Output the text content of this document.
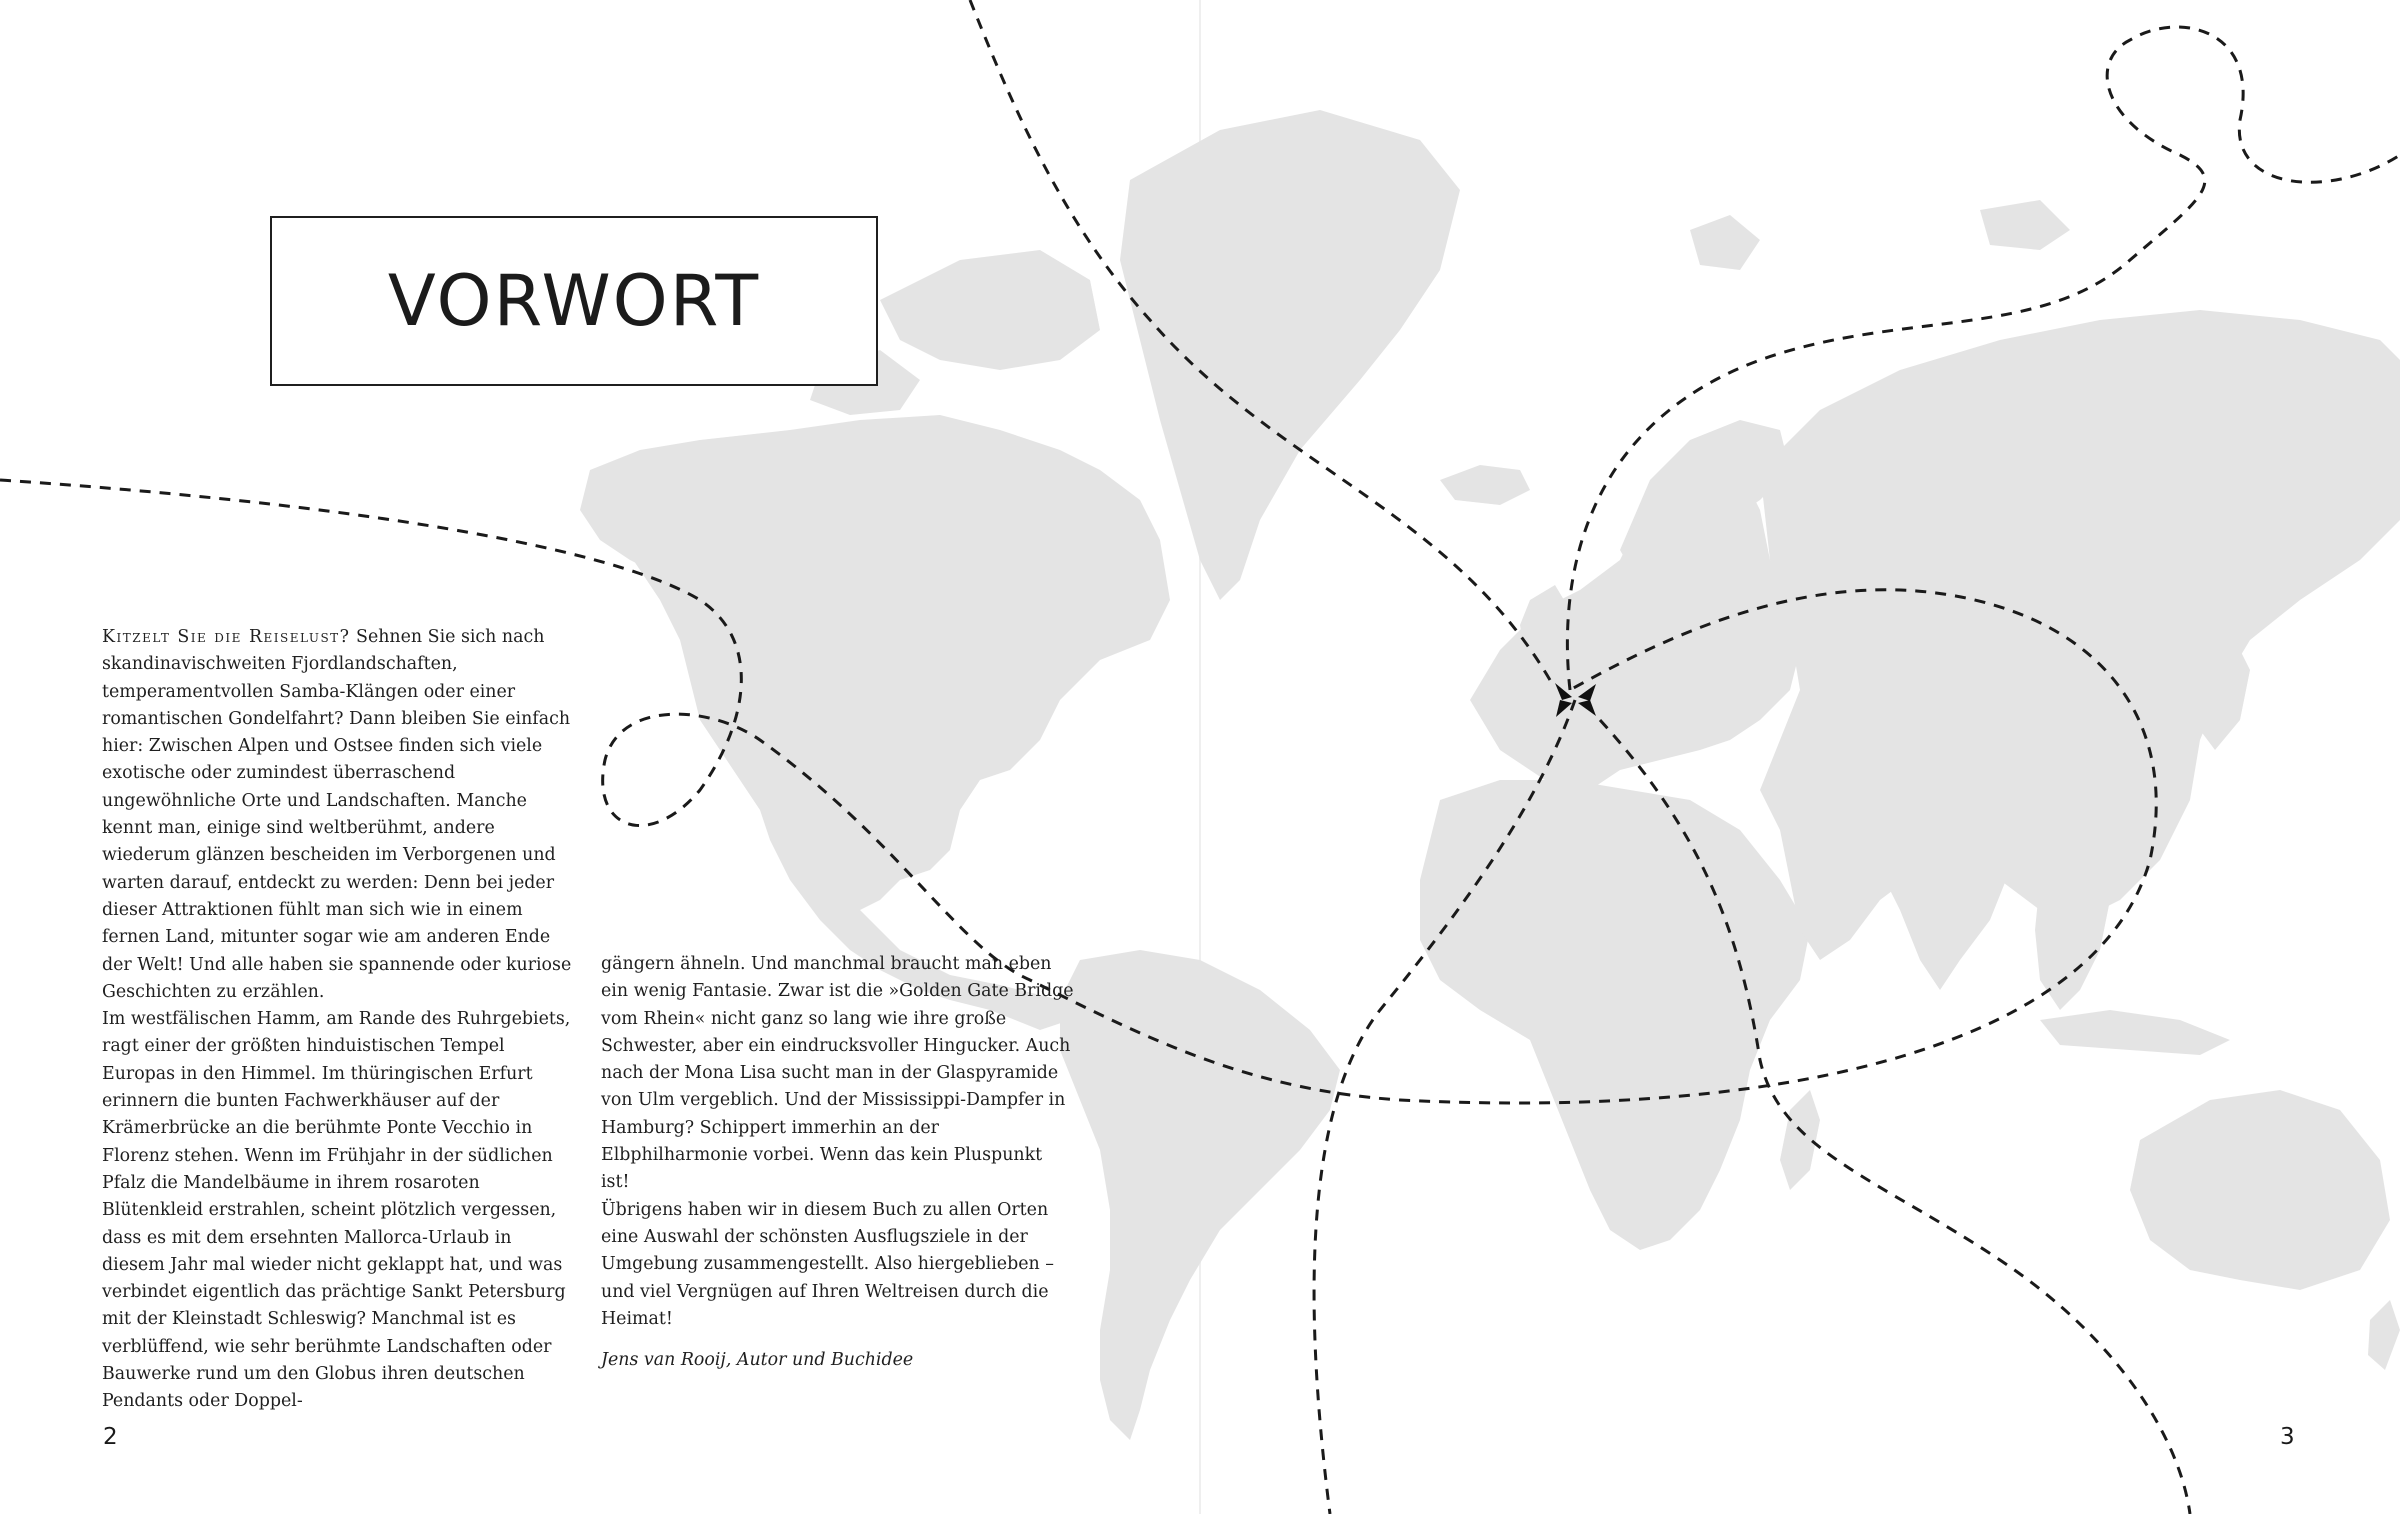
VORWORT

Kitzelt Sie die Reiselust? Sehnen Sie sich nach skandinavischweiten Fjordlandschaften, temperamentvollen Samba-Klängen oder einer romantischen Gondelfahrt? Dann bleiben Sie einfach hier: Zwischen Alpen und Ostsee finden sich viele exotische oder zumindest überraschend ungewöhnliche Orte und Landschaften. Manche kennt man, einige sind weltberühmt, andere wiederum glänzen bescheiden im Verborgenen und warten darauf, entdeckt zu werden: Denn bei jeder dieser Attraktionen fühlt man sich wie in einem fernen Land, mitunter sogar wie am anderen Ende der Welt! Und alle haben sie spannende oder kuriose Geschichten zu erzählen.

Im westfälischen Hamm, am Rande des Ruhrgebiets, ragt einer der größten hinduistischen Tempel Europas in den Himmel. Im thüringischen Erfurt erinnern die bunten Fachwerkhäuser auf der Krämerbrücke an die berühmte Ponte Vecchio in Florenz stehen. Wenn im Frühjahr in der südlichen Pfalz die Mandelbäume in ihrem rosaroten Blütenkleid erstrahlen, scheint plötzlich vergessen, dass es mit dem ersehnten Mallorca-Urlaub in diesem Jahr mal wieder nicht geklappt hat, und was verbindet eigentlich das prächtige Sankt Petersburg mit der Kleinstadt Schleswig? Manchmal ist es verblüffend, wie sehr berühmte Landschaften oder Bauwerke rund um den Globus ihren deutschen Pendants oder Doppel-

gängern ähneln. Und manchmal braucht man eben ein wenig Fantasie. Zwar ist die »Golden Gate Bridge vom Rhein« nicht ganz so lang wie ihre große Schwester, aber ein eindrucksvoller Hingucker. Auch nach der Mona Lisa sucht man in der Glaspyramide von Ulm vergeblich. Und der Mississippi-Dampfer in Hamburg? Schippert immerhin an der Elbphilharmonie vorbei. Wenn das kein Pluspunkt ist!

Übrigens haben wir in diesem Buch zu allen Orten eine Auswahl der schönsten Ausflugsziele in der Umgebung zusammengestellt. Also hiergeblieben – und viel Vergnügen auf Ihren Weltreisen durch die Heimat!

Jens van Rooij, Autor und Buchidee

2	3
